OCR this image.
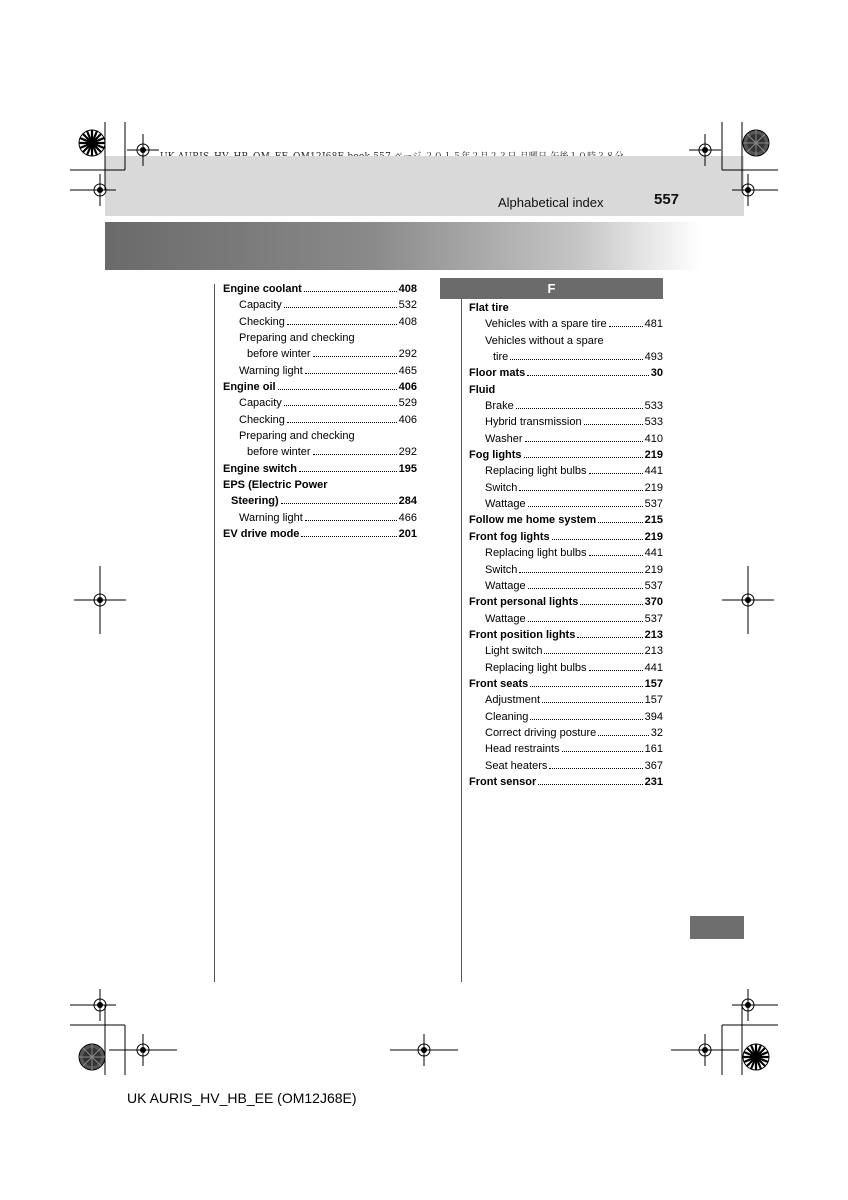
Alphabetical index	557
Engine coolant	408
Capacity	532
Checking	408
Preparing and checking
before winter	292
Warning light	465
Engine oil	406
Capacity	529
Checking	406
Preparing and checking
before winter	292
Engine switch	195
EPS (Electric Power
Steering)	284
Warning light	466
EV drive mode	201
F
Flat tire
Vehicles with a spare tire	481
Vehicles without a spare
tire	493
Floor mats	30
Fluid
Brake	533
Hybrid transmission	533
Washer	410
Fog lights	219
Replacing light bulbs	441
Switch	219
Wattage	537
Follow me home system	215
Front fog lights	219
Replacing light bulbs	441
Switch	219
Wattage	537
Front personal lights	370
Wattage	537
Front position lights	213
Light switch	213
Replacing light bulbs	441
Front seats	157
Adjustment	157
Cleaning	394
Correct driving posture	32
Head restraints	161
Seat heaters	367
Front sensor	231
UK AURIS_HV_HB_EE (OM12J68E)
